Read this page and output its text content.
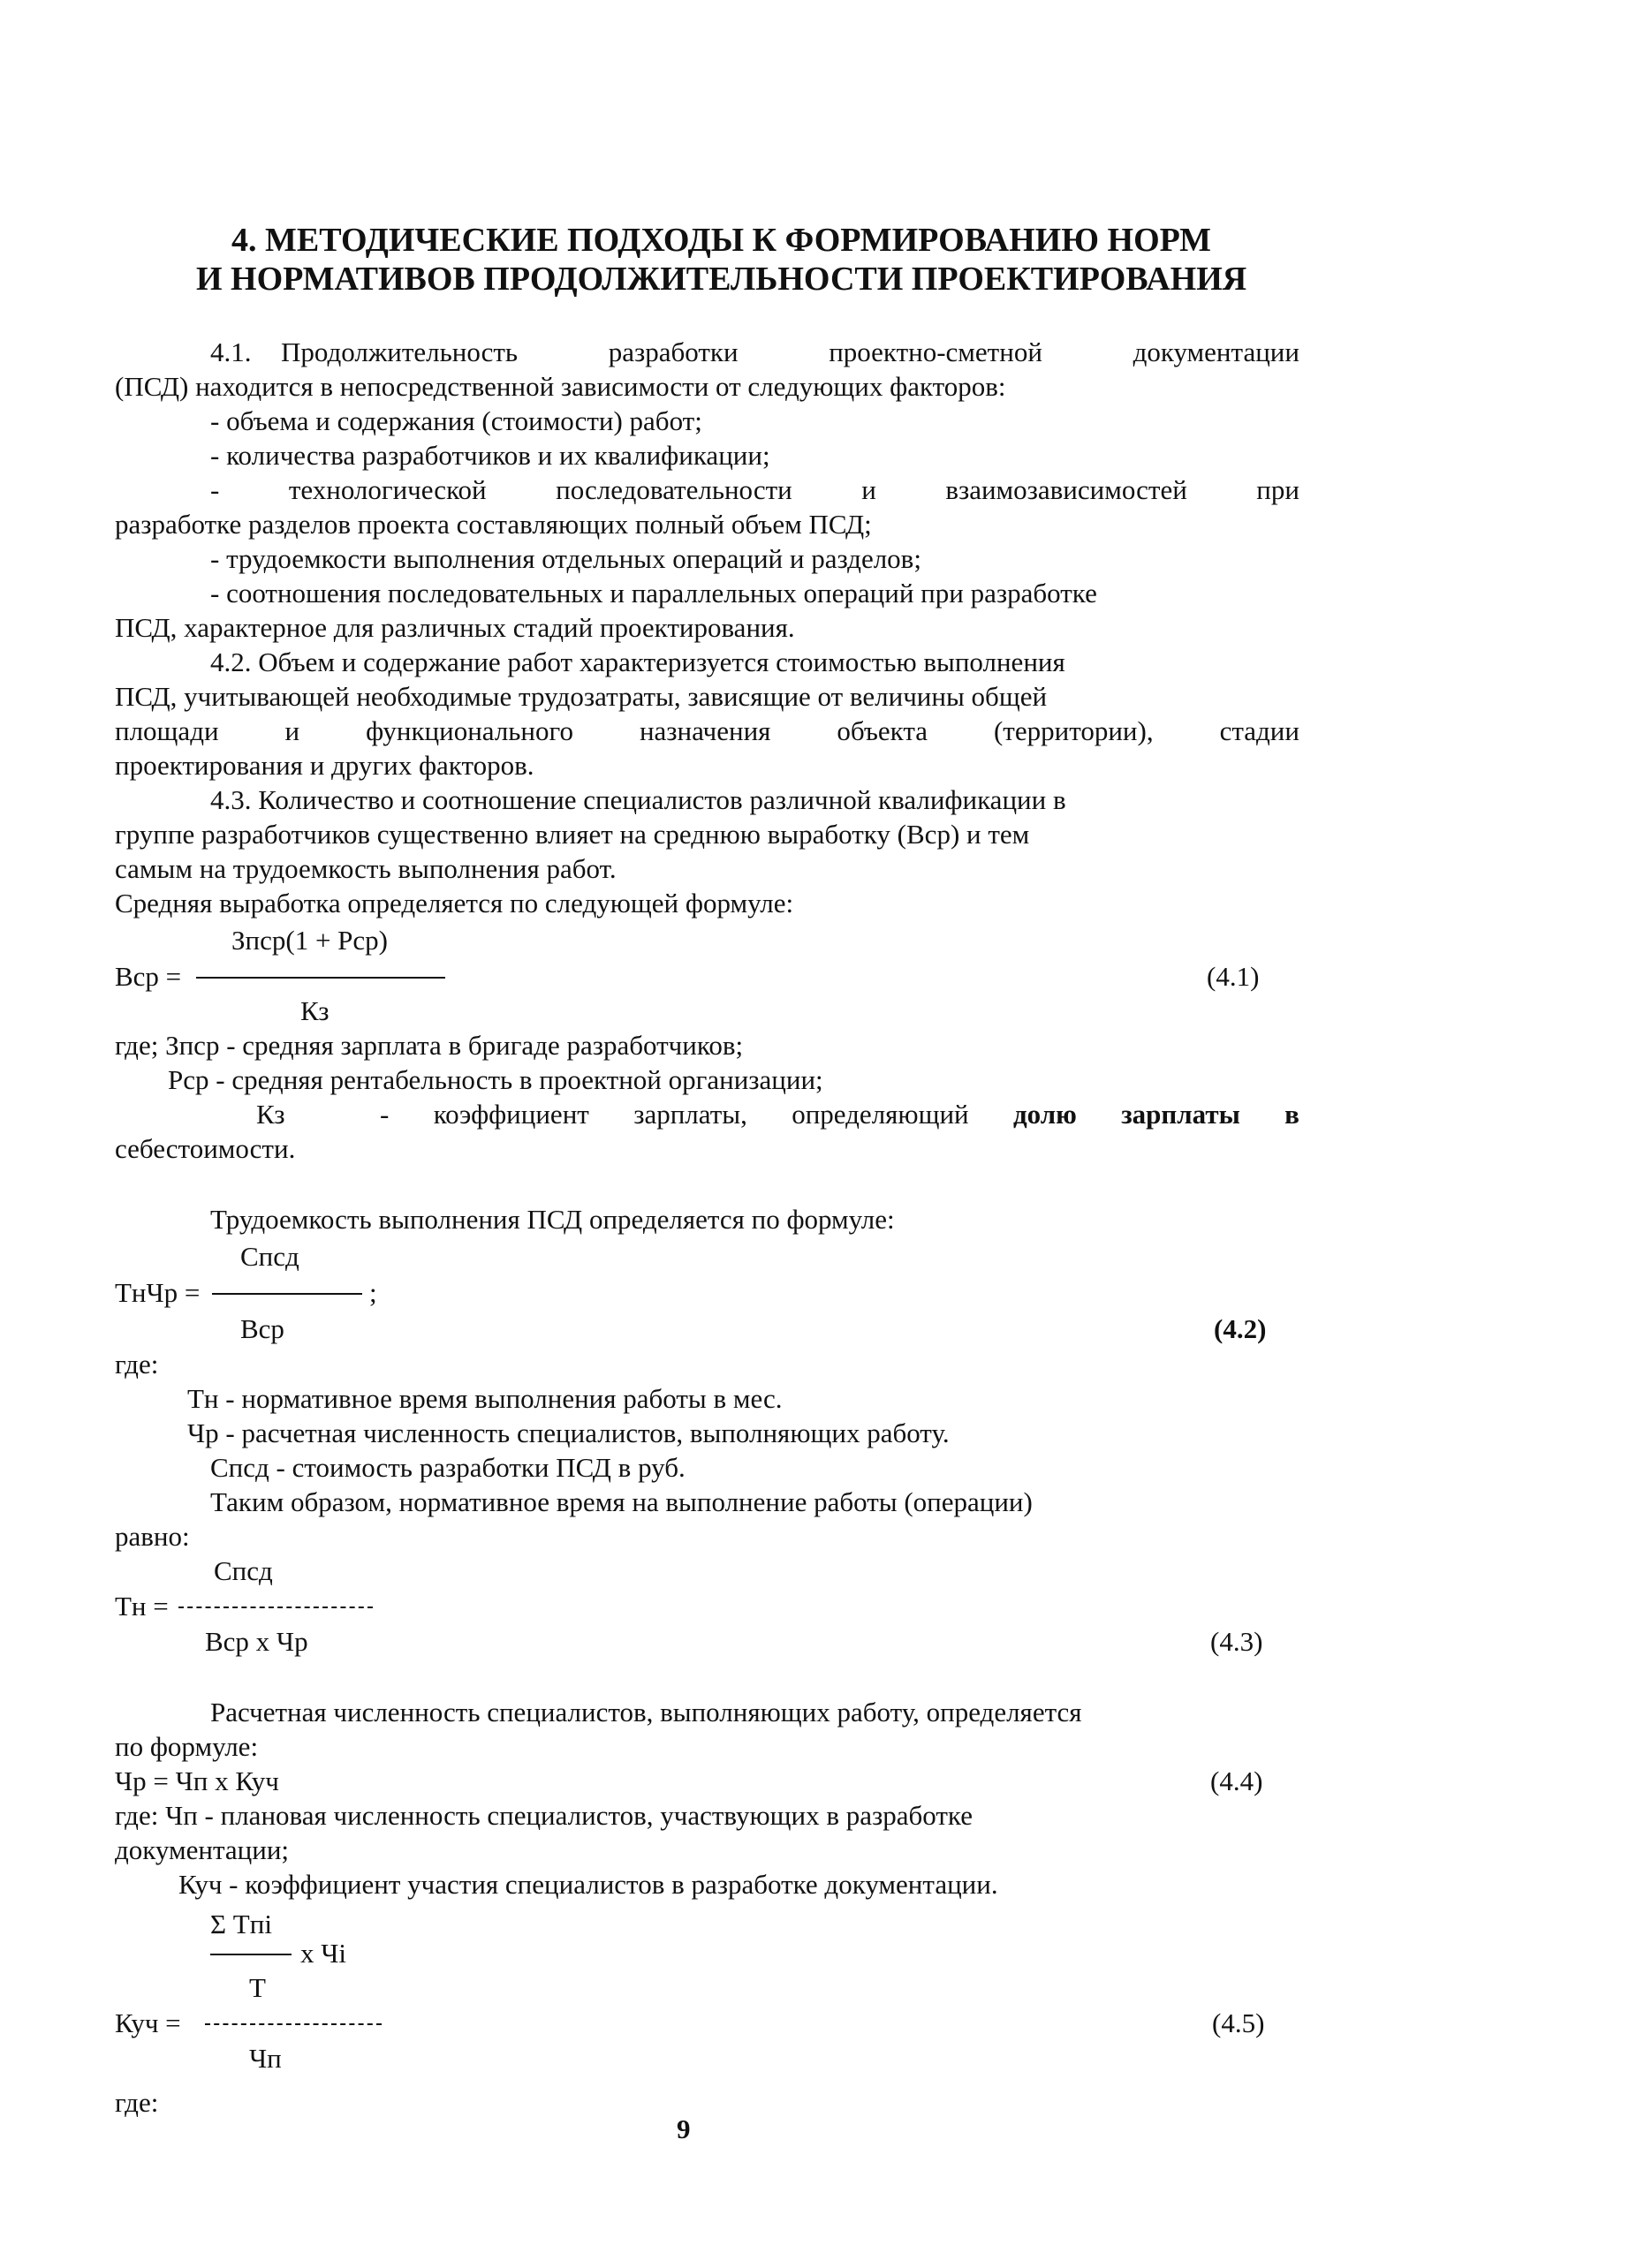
4. МЕТОДИЧЕСКИЕ ПОДХОДЫ К ФОРМИРОВАНИЮ НОРМ
И НОРМАТИВОВ ПРОДОЛЖИТЕЛЬНОСТИ ПРОЕКТИРОВАНИЯ
4.1. Продолжительность	разработки	проектно-сметной	документации
(ПСД) находится в непосредственной зависимости от следующих факторов:
- объема и содержания (стоимости) работ;
- количества разработчиков и их квалификации;
-	технологической	последовательности	и	взаимозависимостей	при
разработке разделов проекта составляющих полный объем ПСД;
- трудоемкости выполнения отдельных операций и разделов;
- соотношения последовательных и параллельных операций при разработке
ПСД, характерное для различных стадий проектирования.
4.2. Объем и содержание работ характеризуется стоимостью выполнения
ПСД, учитывающей необходимые трудозатраты, зависящие от величины общей
площади и функционального назначения объекта (территории), стадии
проектирования и других факторов.
4.3. Количество и соотношение специалистов различной квалификации в
группе разработчиков существенно влияет на среднюю выработку (Вср) и тем
самым на трудоемкость выполнения работ.
Средняя выработка определяется по следующей формуле:
Зпср(1 + Рср)
Вср =	(4.1)
Кз
где; Зпср - средняя зарплата в бригаде разработчиков;
Рср - средняя рентабельность в проектной организации;
Кз	- коэффициент зарплаты, определяющий долю зарплаты в
себестоимости.
Трудоемкость выполнения ПСД определяется по формуле:
Спсд
ТнЧр =	;
Вср	(4.2)
где:
Тн - нормативное время выполнения работы в мес.
Чр - расчетная численность специалистов, выполняющих работу.
Спсд - стоимость разработки ПСД в руб.
Таким образом, нормативное время на выполнение работы (операции)
равно:
Спсд
Тн =
Вср х Чр	(4.3)
Расчетная численность специалистов, выполняющих работу, определяется
по формуле:
Чр = Чп х Куч	(4.4)
где: Чп - плановая численность специалистов, участвующих в разработке
документации;
Куч - коэффициент участия специалистов в разработке документации.
Σ Tпi
х Чi
T
Куч =	(4.5)
Чп
где:
9
